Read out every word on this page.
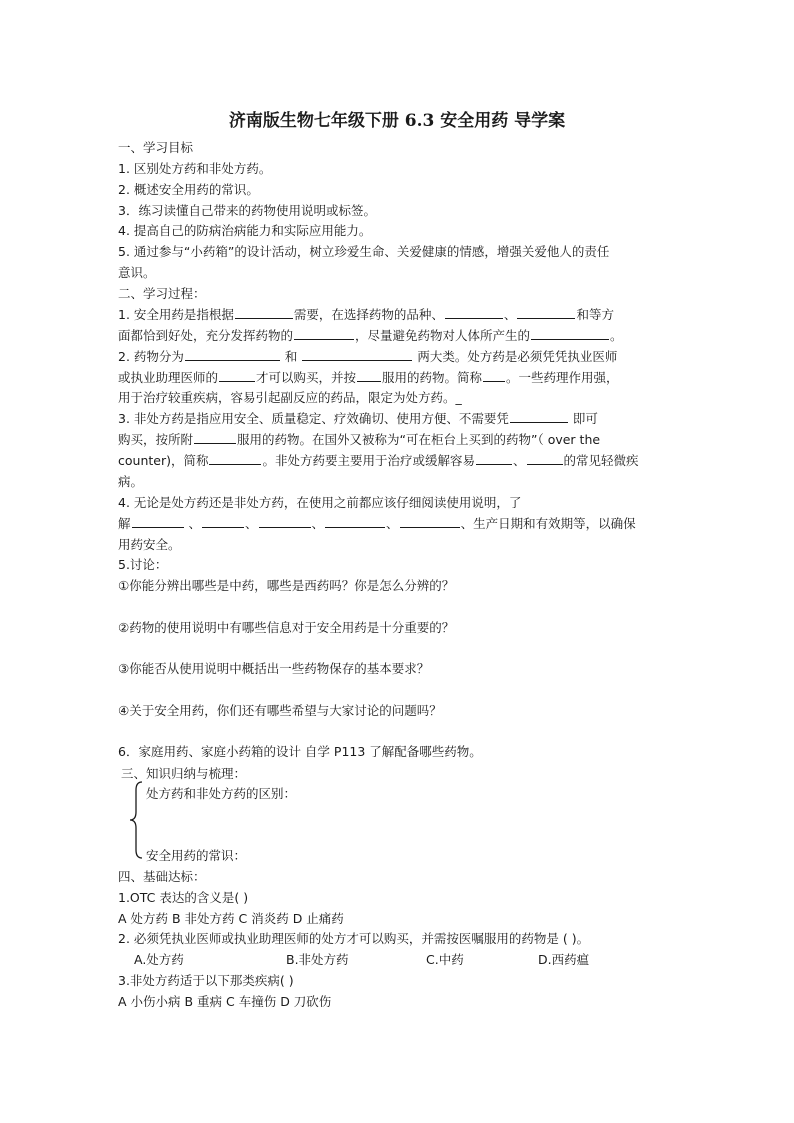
济南版生物七年级下册 6.3 安全用药 导学案
一、学习目标
1. 区别处方药和非处方药。
2. 概述安全用药的常识。
3．练习读懂自己带来的药物使用说明或标签。
4. 提高自己的防病治病能力和实际应用能力。
5. 通过参与“小药箱”的设计活动，树立珍爱生命、关爱健康的情感，增强关爱他人的责任
意识。
二、学习过程：
1. 安全用药是指根据	需要，在选择药物的品种、	、	和等方
面都恰到好处，充分发挥药物的	，尽量避免药物对人体所产生的	。
2. 药物分为	和	两大类。处方药是必须凭凭执业医师
或执业助理医师的	才可以购买，并按 服用的药物。简称 。一些药理作用强，
用于治疗较重疾病，容易引起副反应的药品，限定为处方药。_
3. 非处方药是指应用安全、质量稳定、疗效确切、使用方便、不需要凭	即可
购买，按所附	服用的药物。在国外又被称为“可在柜台上买到的药物”（ over the
counter)，简称	。非处方药要主要用于治疗或缓解容易	、	的常见轻微疾
病。
4. 无论是处方药还是非处方药，在使用之前都应该仔细阅读使用说明，了
解	、	、	、	、	、生产日期和有效期等，以确保
用药安全。
5.讨论：
①你能分辨出哪些是中药，哪些是西药吗？你是怎么分辨的？
②药物的使用说明中有哪些信息对于安全用药是十分重要的？
③你能否从使用说明中概括出一些药物保存的基本要求？
④关于安全用药，你们还有哪些希望与大家讨论的问题吗？
6．家庭用药、家庭小药箱的设计 自学 P113 了解配备哪些药物。
三、知识归纳与梳理：
处方药和非处方药的区别：
安全用药的常识：
四、基础达标：
1.OTC 表达的含义是( )
A 处方药 B 非处方药 C 消炎药 D 止痛药
2. 必须凭执业医师或执业助理医师的处方才可以购买，并需按医嘱服用的药物是 ( )。
A.处方药	B.非处方药	C.中药	D.西药瘟
3.非处方药适于以下那类疾病( )
A 小伤小病 B 重病 C 车撞伤 D 刀砍伤
